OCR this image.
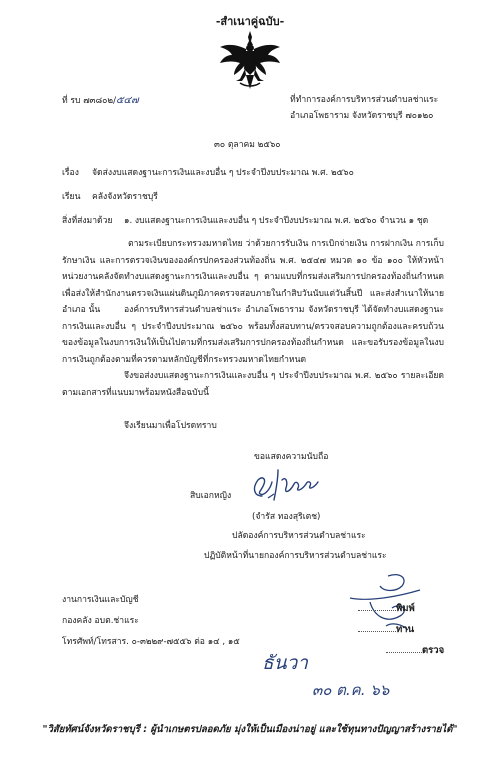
-สำเนาคู่ฉบับ-
ที่ รบ ๗๓๘๐๒/๕๔๗	ที่ทำการองค์การบริหารส่วนตำบลช่าแระ
อำเภอโพธาราม จังหวัดราชบุรี ๗๐๑๒๐
๓๐ ตุลาคม ๒๕๖๐
เรื่อง จัดส่งงบแสดงฐานะการเงินและงบอื่น ๆ ประจำปีงบประมาณ พ.ศ. ๒๕๖๐
เรียน คลังจังหวัดราชบุรี
สิ่งที่ส่งมาด้วย ๑. งบแสดงฐานะการเงินและงบอื่น ๆ ประจำปีงบประมาณ พ.ศ. ๒๕๖๐ จำนวน ๑ ชุด
ตามระเบียบกระทรวงมหาดไทย ว่าด้วยการรับเงิน การเบิกจ่ายเงิน การฝากเงิน การเก็บรักษาเงิน และการตรวจเงินขององค์กรปกครองส่วนท้องถิ่น พ.ศ. ๒๕๔๗ หมวด ๑๐ ข้อ ๑๐๐ ให้หัวหน้าหน่วยงานคลังจัดทำงบแสดงฐานะการเงินและงบอื่น ๆ ตามแบบที่กรมส่งเสริมการปกครองท้องถิ่นกำหนด เพื่อส่งให้สำนักงานตรวจเงินแผ่นดินภูมิภาคตรวจสอบภายในกำสิบวันนับแต่วันสิ้นปี และส่งสำเนาให้นายอำเภอ นั้น	องค์การบริหารส่วนตำบลช่าแระ อำเภอโพธาราม จังหวัดราชบุรี ได้จัดทำงบแสดงฐานะการเงินและงบอื่น ๆ ประจำปีงบประมาณ ๒๕๖๐ พร้อมทั้งสอบทาน/ตรวจสอบความถูกต้องและครบถ้วนของข้อมูลในงบการเงินให้เป็นไปตามที่กรมส่งเสริมการปกครองท้องถิ่นกำหนด และขอรับรองข้อมูลในงบการเงินถูกต้องตามที่ควรตามหลักบัญชีที่กระทรวงมหาดไทยกำหนด
จึงขอส่งงบแสดงฐานะการเงินและงบอื่น ๆ ประจำปีงบประมาณ พ.ศ. ๒๕๖๐ รายละเอียดตามเอกสารที่แนบมาพร้อมหนังสือฉบับนี้
จึงเรียนมาเพื่อโปรดทราบ
ขอแสดงความนับถือ
สิบเอกหญิง
(จำรัส ทองสุริเตช)
ปลัดองค์การบริหารส่วนตำบลช่าแระ
ปฏิบัติหน้าที่นายกองค์การบริหารส่วนตำบลช่าแระ
งานการเงินและบัญชี
กองคลัง อบต.ช่าแระ
โทรศัพท์/โทรสาร. ๐-๓๒๒๙-๗๕๕๖ ต่อ ๑๔ , ๑๕
พิมพ์
ทาน
ตรวจ
ธันวา
๓๐ ต.ค. ๖๖
"วิสัยทัศน์จังหวัดราชบุรี : ผู้นำเกษตรปลอดภัย มุ่งให้เป็นเมืองน่าอยู่ และใช้ทุนทางปัญญาสร้างรายได้"
